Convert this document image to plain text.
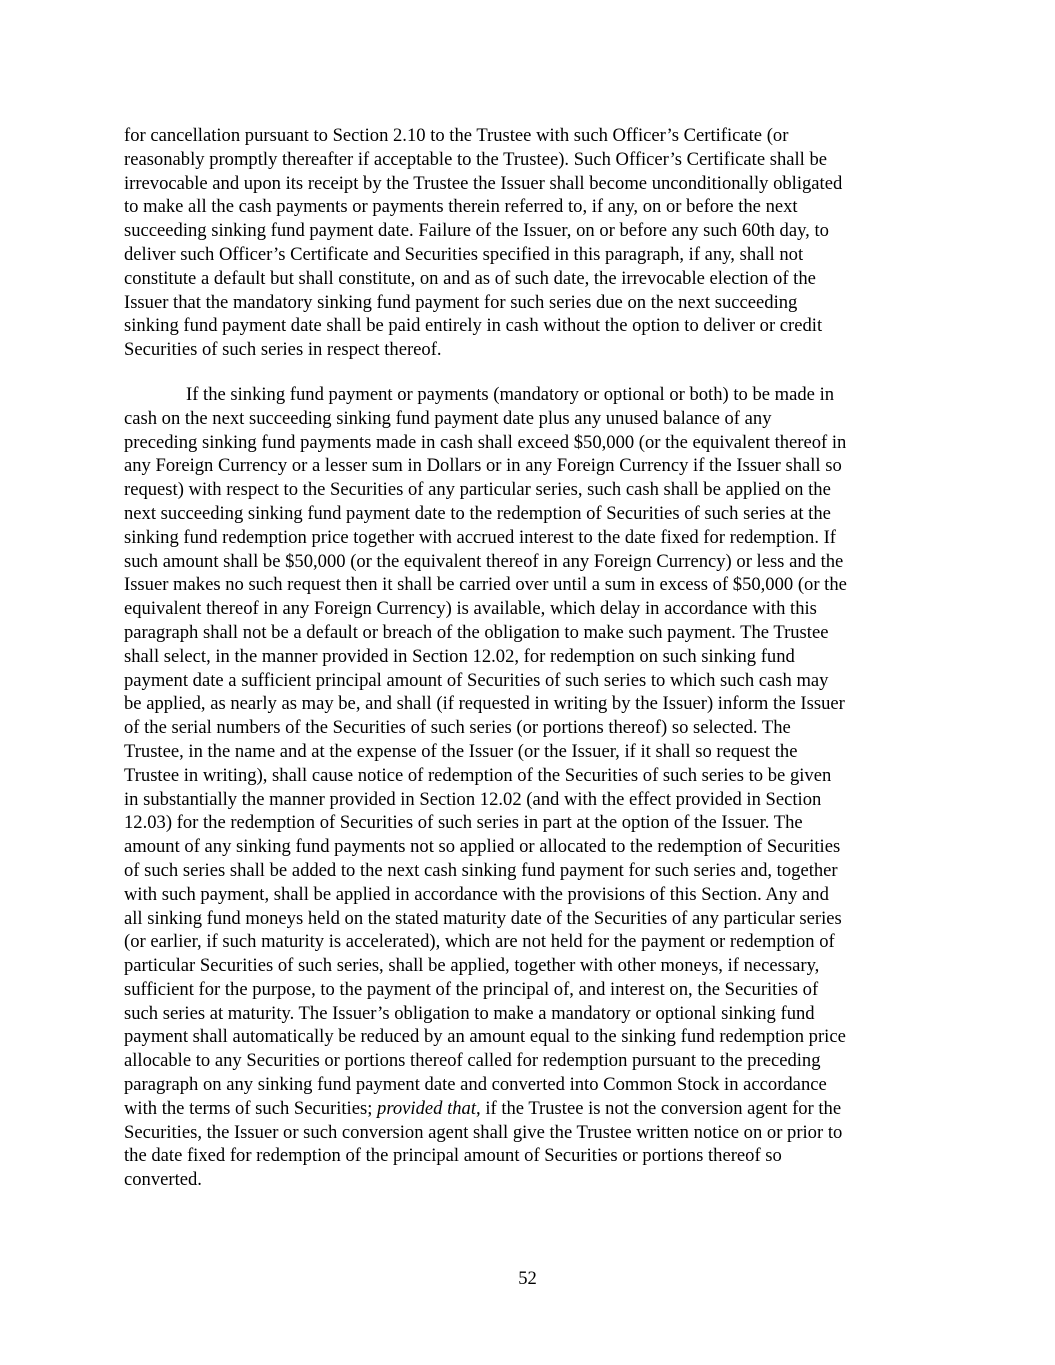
for cancellation pursuant to Section 2.10 to the Trustee with such Officer’s Certificate (or
reasonably promptly thereafter if acceptable to the Trustee). Such Officer’s Certificate shall be
irrevocable and upon its receipt by the Trustee the Issuer shall become unconditionally obligated
to make all the cash payments or payments therein referred to, if any, on or before the next
succeeding sinking fund payment date. Failure of the Issuer, on or before any such 60th day, to
deliver such Officer’s Certificate and Securities specified in this paragraph, if any, shall not
constitute a default but shall constitute, on and as of such date, the irrevocable election of the
Issuer that the mandatory sinking fund payment for such series due on the next succeeding
sinking fund payment date shall be paid entirely in cash without the option to deliver or credit
Securities of such series in respect thereof.
If the sinking fund payment or payments (mandatory or optional or both) to be made in
cash on the next succeeding sinking fund payment date plus any unused balance of any
preceding sinking fund payments made in cash shall exceed $50,000 (or the equivalent thereof in
any Foreign Currency or a lesser sum in Dollars or in any Foreign Currency if the Issuer shall so
request) with respect to the Securities of any particular series, such cash shall be applied on the
next succeeding sinking fund payment date to the redemption of Securities of such series at the
sinking fund redemption price together with accrued interest to the date fixed for redemption. If
such amount shall be $50,000 (or the equivalent thereof in any Foreign Currency) or less and the
Issuer makes no such request then it shall be carried over until a sum in excess of $50,000 (or the
equivalent thereof in any Foreign Currency) is available, which delay in accordance with this
paragraph shall not be a default or breach of the obligation to make such payment. The Trustee
shall select, in the manner provided in Section 12.02, for redemption on such sinking fund
payment date a sufficient principal amount of Securities of such series to which such cash may
be applied, as nearly as may be, and shall (if requested in writing by the Issuer) inform the Issuer
of the serial numbers of the Securities of such series (or portions thereof) so selected. The
Trustee, in the name and at the expense of the Issuer (or the Issuer, if it shall so request the
Trustee in writing), shall cause notice of redemption of the Securities of such series to be given
in substantially the manner provided in Section 12.02 (and with the effect provided in Section
12.03) for the redemption of Securities of such series in part at the option of the Issuer. The
amount of any sinking fund payments not so applied or allocated to the redemption of Securities
of such series shall be added to the next cash sinking fund payment for such series and, together
with such payment, shall be applied in accordance with the provisions of this Section. Any and
all sinking fund moneys held on the stated maturity date of the Securities of any particular series
(or earlier, if such maturity is accelerated), which are not held for the payment or redemption of
particular Securities of such series, shall be applied, together with other moneys, if necessary,
sufficient for the purpose, to the payment of the principal of, and interest on, the Securities of
such series at maturity. The Issuer’s obligation to make a mandatory or optional sinking fund
payment shall automatically be reduced by an amount equal to the sinking fund redemption price
allocable to any Securities or portions thereof called for redemption pursuant to the preceding
paragraph on any sinking fund payment date and converted into Common Stock in accordance
with the terms of such Securities; provided that, if the Trustee is not the conversion agent for the
Securities, the Issuer or such conversion agent shall give the Trustee written notice on or prior to
the date fixed for redemption of the principal amount of Securities or portions thereof so
converted.
52
